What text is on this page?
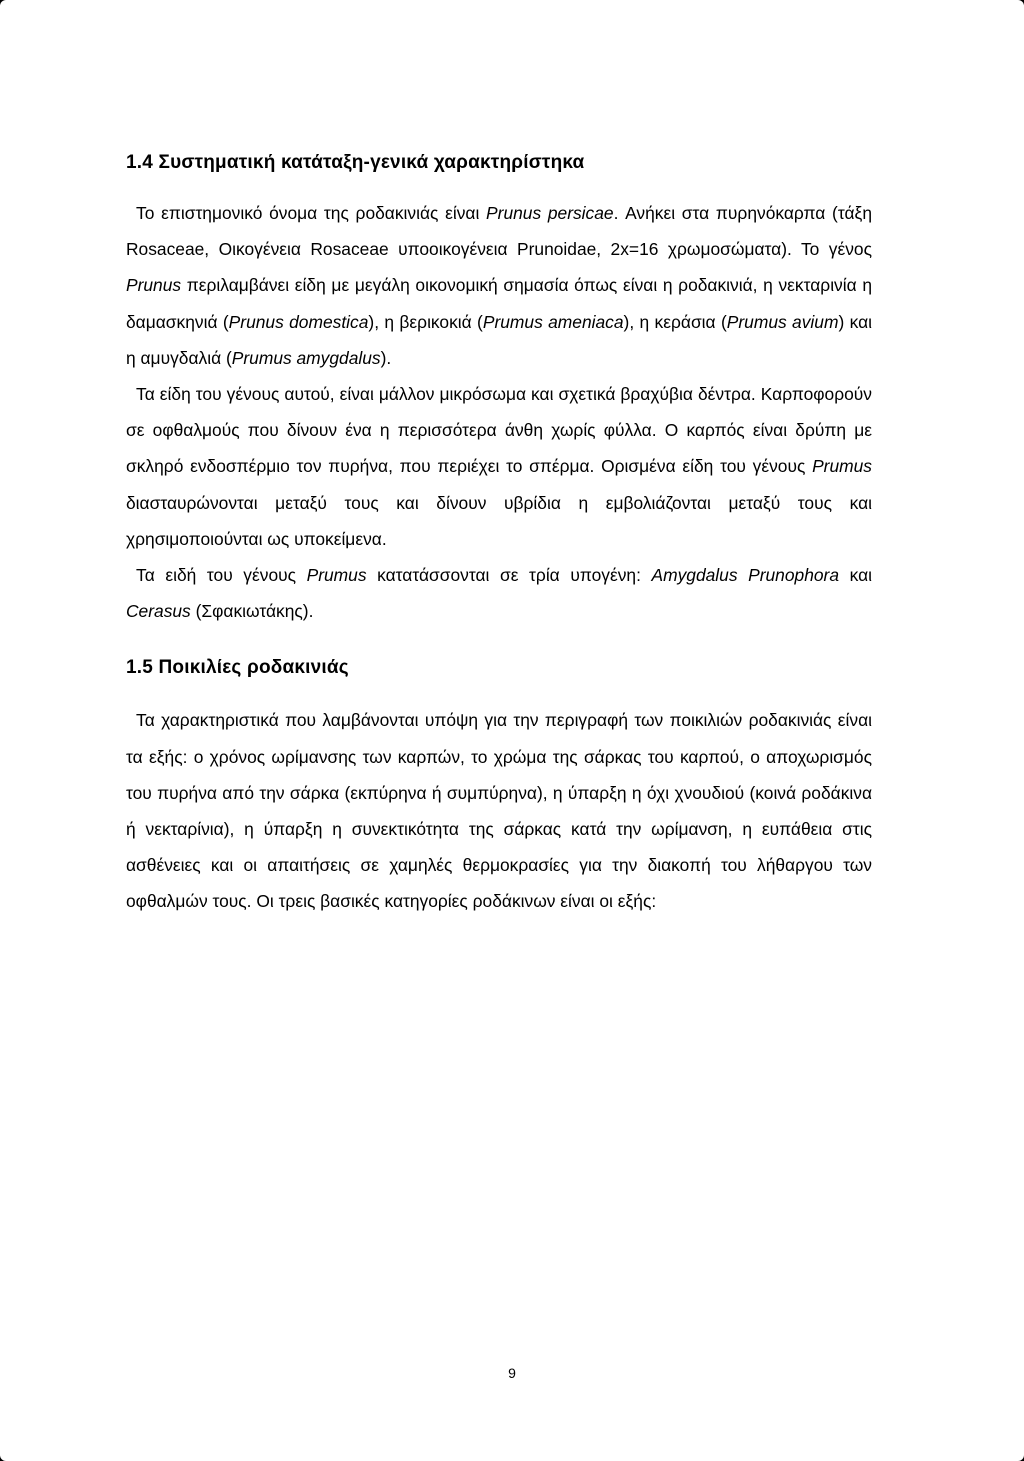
1.4 Συστηματική κατάταξη-γενικά χαρακτηρίστηκα
Το επιστημονικό όνομα της ροδακινιάς είναι Prunus persicae. Ανήκει στα πυρηνόκαρπα (τάξη Rosaceae, Οικογένεια Rosaceae υποοικογένεια Prunoidae, 2x=16 χρωμοσώματα). Το γένος Prunus περιλαμβάνει είδη με μεγάλη οικονομική σημασία όπως είναι η ροδακινιά, η νεκταρινία η δαμασκηνιά (Prunus domestica), η βερικοκιά (Prumus ameniaca), η κεράσια (Prumus avium) και η αμυγδαλιά (Prumus amygdalus).
Τα είδη του γένους αυτού, είναι μάλλον μικρόσωμα και σχετικά βραχύβια δέντρα. Καρποφορούν σε οφθαλμούς που δίνουν ένα η περισσότερα άνθη χωρίς φύλλα. Ο καρπός είναι δρύπη με σκληρό ενδοσπέρμιο τον πυρήνα, που περιέχει το σπέρμα. Ορισμένα είδη του γένους Prumus διασταυρώνονται μεταξύ τους και δίνουν υβρίδια η εμβολιάζονται μεταξύ τους και χρησιμοποιούνται ως υποκείμενα.
Τα ειδή του γένους Prumus κατατάσσονται σε τρία υπογένη: Amygdalus Prunophora και Cerasus (Σφακιωτάκης).
1.5 Ποικιλίες ροδακινιάς
Τα χαρακτηριστικά που λαμβάνονται υπόψη για την περιγραφή των ποικιλιών ροδακινιάς είναι τα εξής: ο χρόνος ωρίμανσης των καρπών, το χρώμα της σάρκας του καρπού, ο αποχωρισμός του πυρήνα από την σάρκα (εκπύρηνα ή συμπύρηνα), η ύπαρξη η όχι χνουδιού (κοινά ροδάκινα ή νεκταρίνια), η ύπαρξη η συνεκτικότητα της σάρκας κατά την ωρίμανση, η ευπάθεια στις ασθένειες και οι απαιτήσεις σε χαμηλές θερμοκρασίες για την διακοπή του λήθαργου των οφθαλμών τους. Οι τρεις βασικές κατηγορίες ροδάκινων είναι οι εξής:
9
